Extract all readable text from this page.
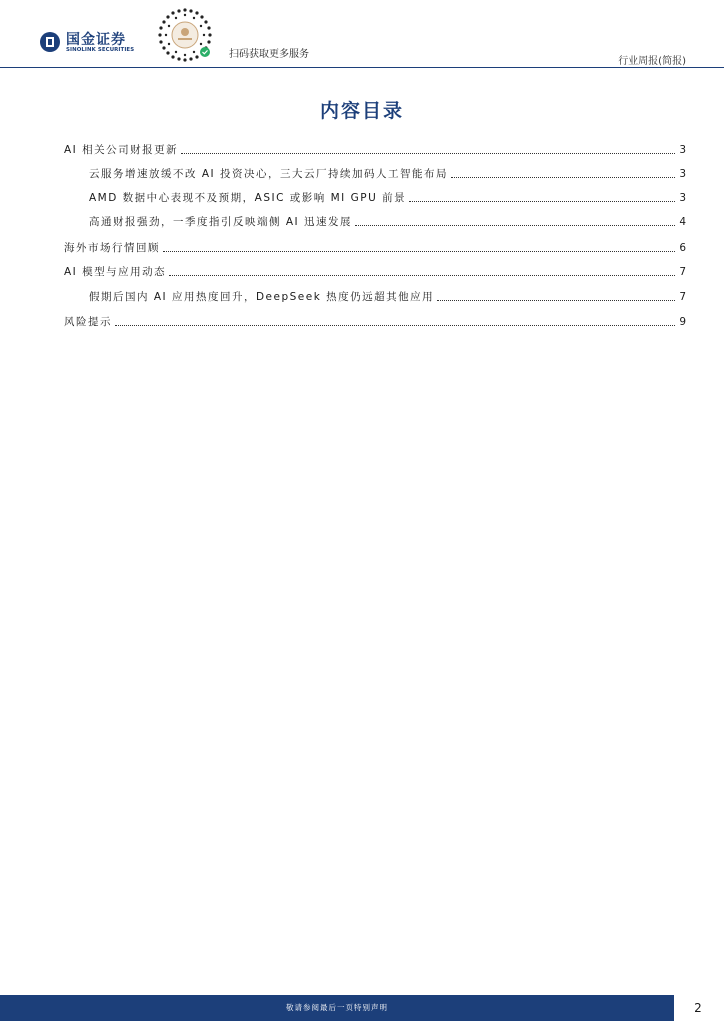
国金证券
SINOLINK SECURITIES	扫码获取更多服务
行业周报(简报)
内容目录
AI 相关公司财报更新	3
云服务增速放缓不改 AI 投资决心，三大云厂持续加码人工智能布局	3
AMD 数据中心表现不及预期，ASIC 或影响 MI GPU 前景	3
高通财报强劲，一季度指引反映端侧 AI 迅速发展	4
海外市场行情回顾	6
AI 模型与应用动态	7
假期后国内 AI 应用热度回升，DeepSeek 热度仍远超其他应用	7
风险提示	9
敬请参阅最后一页特别声明	2
